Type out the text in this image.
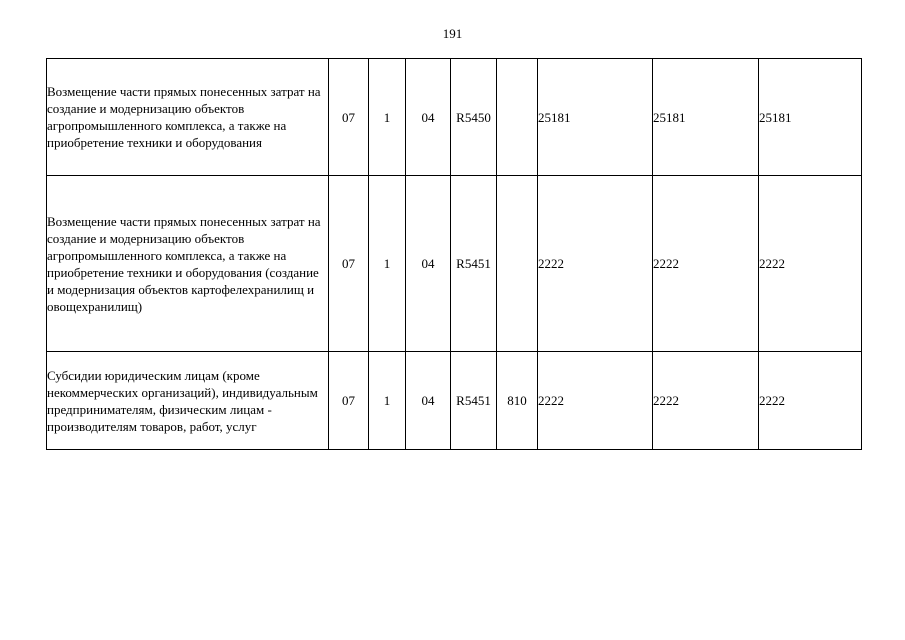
191
Возмещение части прямых понесенных затрат на создание и модернизацию объектов агропромышленного комплекса, а также на приобретение техники и оборудования	07	1	04	R5450		25181	25181	25181
Возмещение части прямых понесенных затрат на создание и модернизацию объектов агропромышленного комплекса, а также на приобретение техники и оборудования (создание и модернизация объектов картофелехранилищ и овощехранилищ)	07	1	04	R5451		2222	2222	2222
Субсидии юридическим лицам (кроме некоммерческих организаций), индивидуальным предпринимателям, физическим лицам - производителям товаров, работ, услуг	07	1	04	R5451	810	2222	2222	2222
